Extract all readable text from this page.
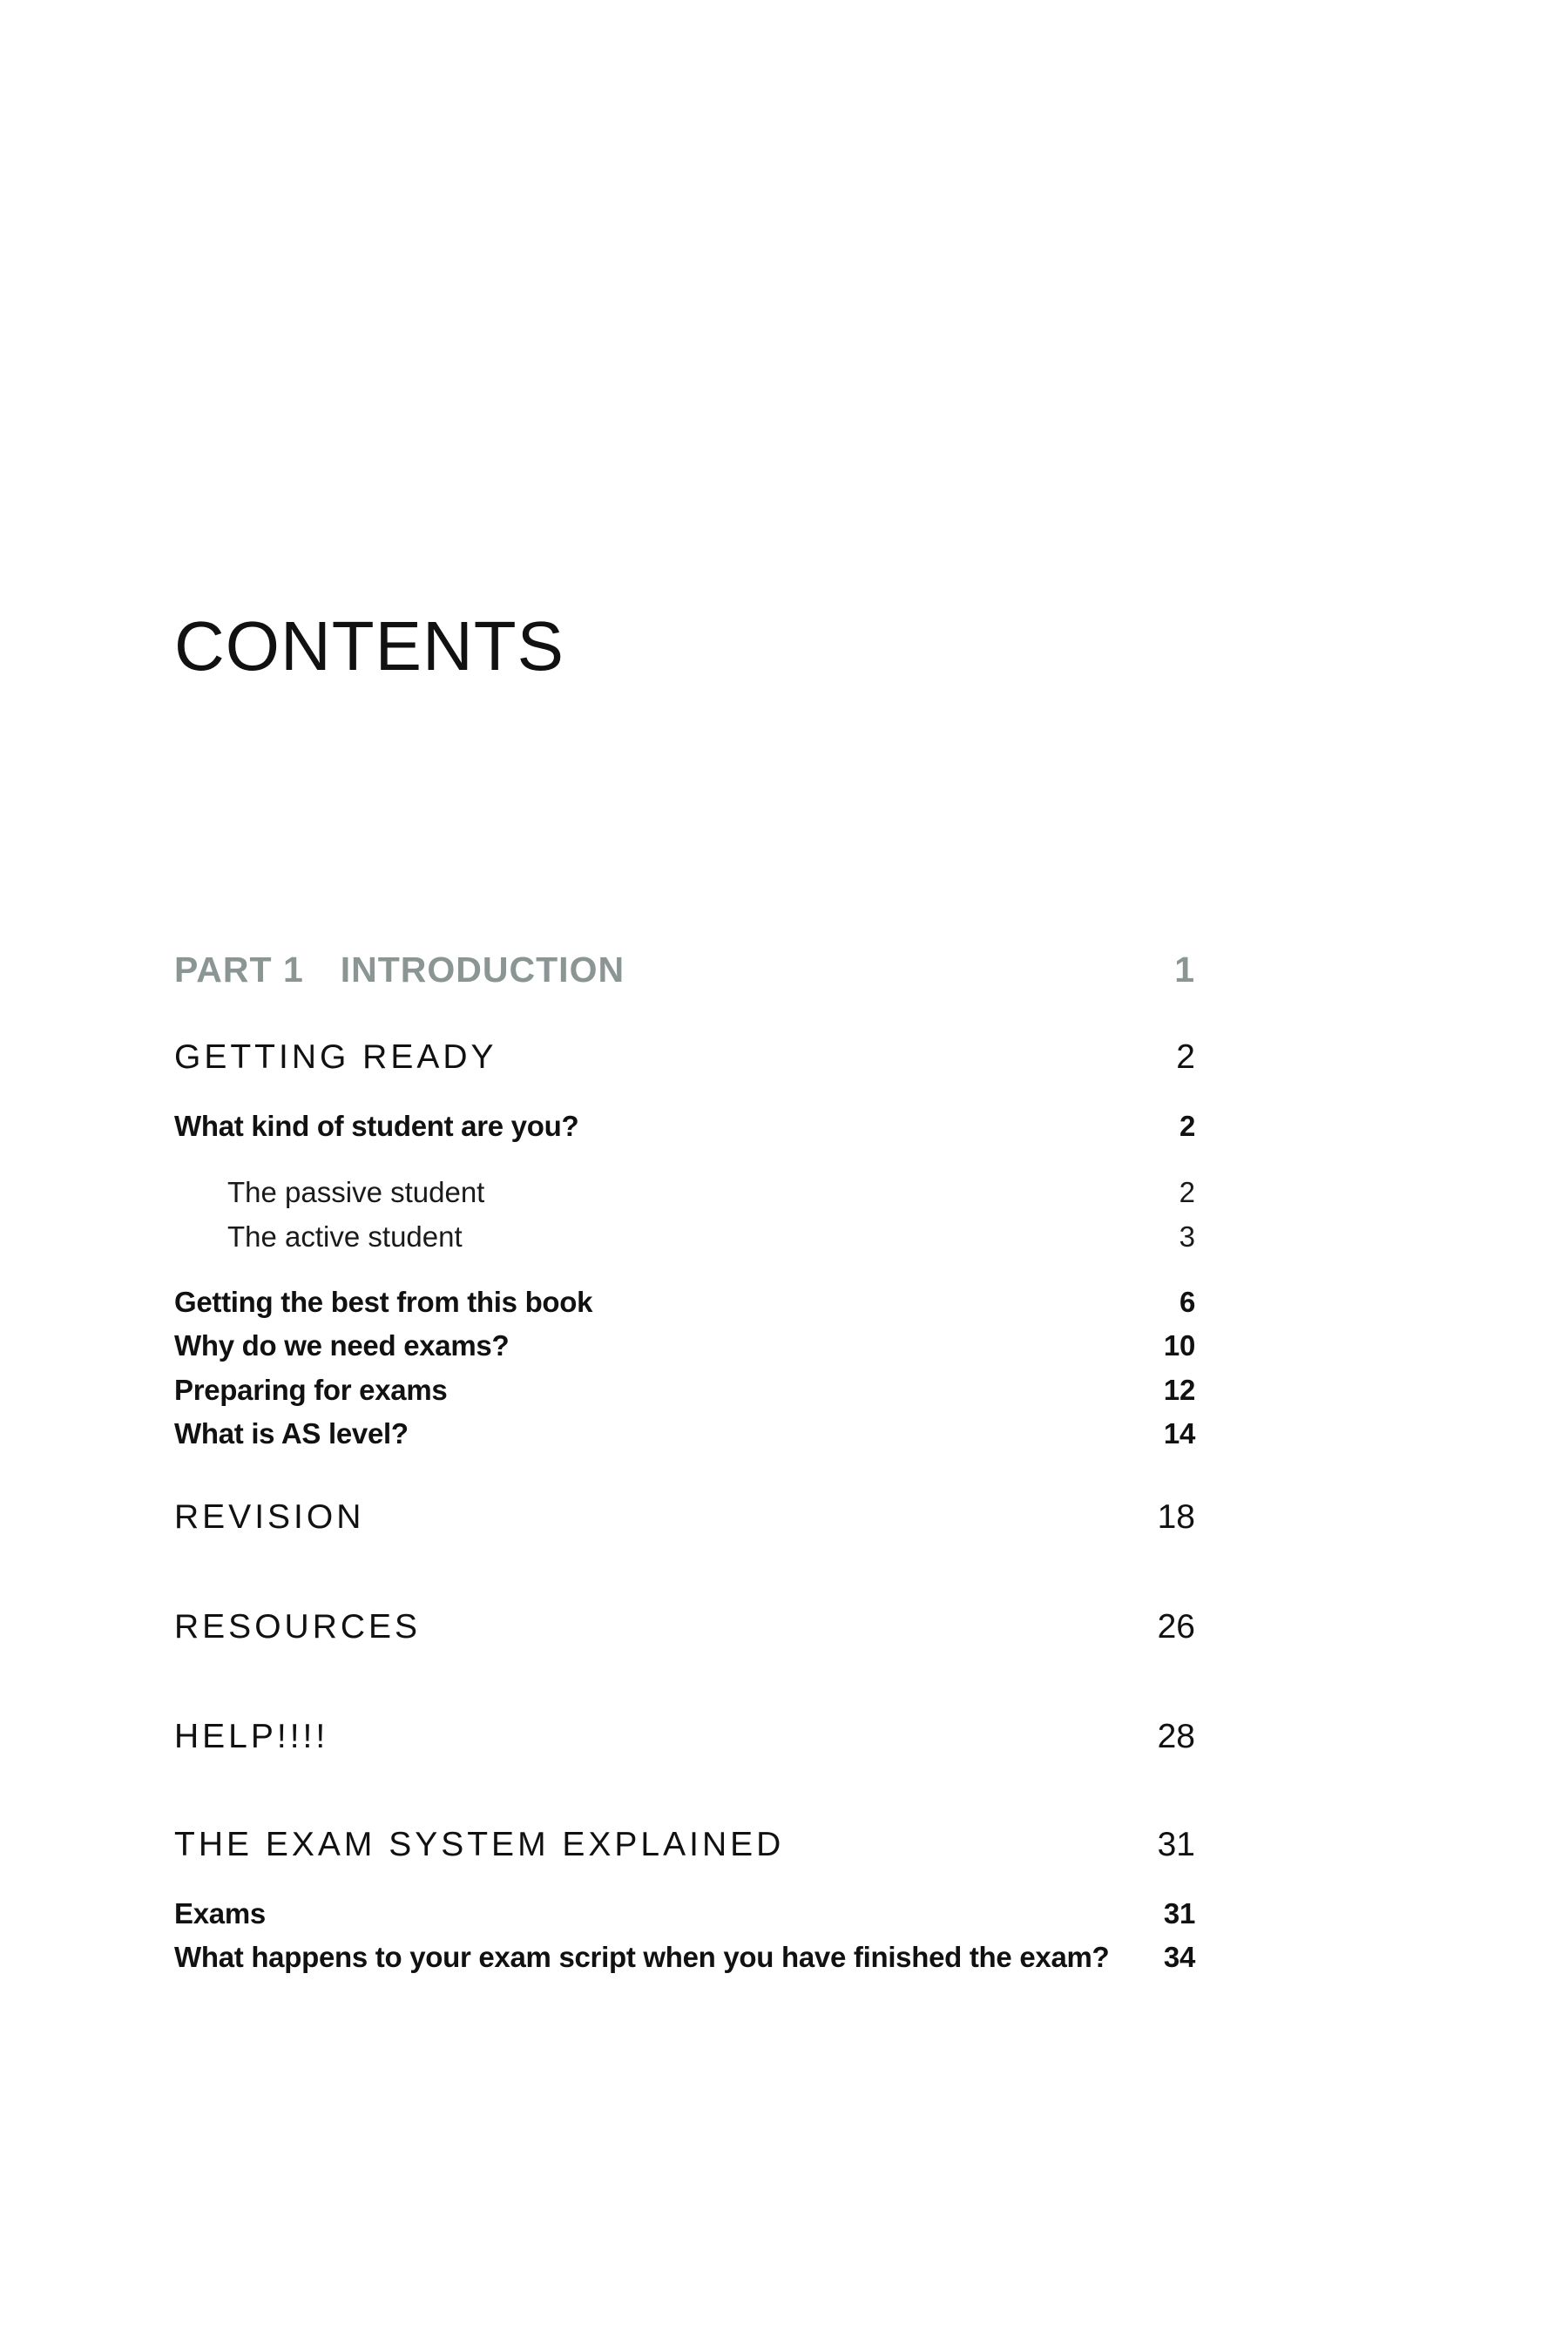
CONTENTS
PART 1 INTRODUCTION	1
GETTING READY	2
What kind of student are you?	2
The passive student	2
The active student	3
Getting the best from this book	6
Why do we need exams?	10
Preparing for exams	12
What is AS level?	14
REVISION	18
RESOURCES	26
HELP!!!!	28
THE EXAM SYSTEM EXPLAINED	31
Exams	31
What happens to your exam script when you have finished the exam? 34
